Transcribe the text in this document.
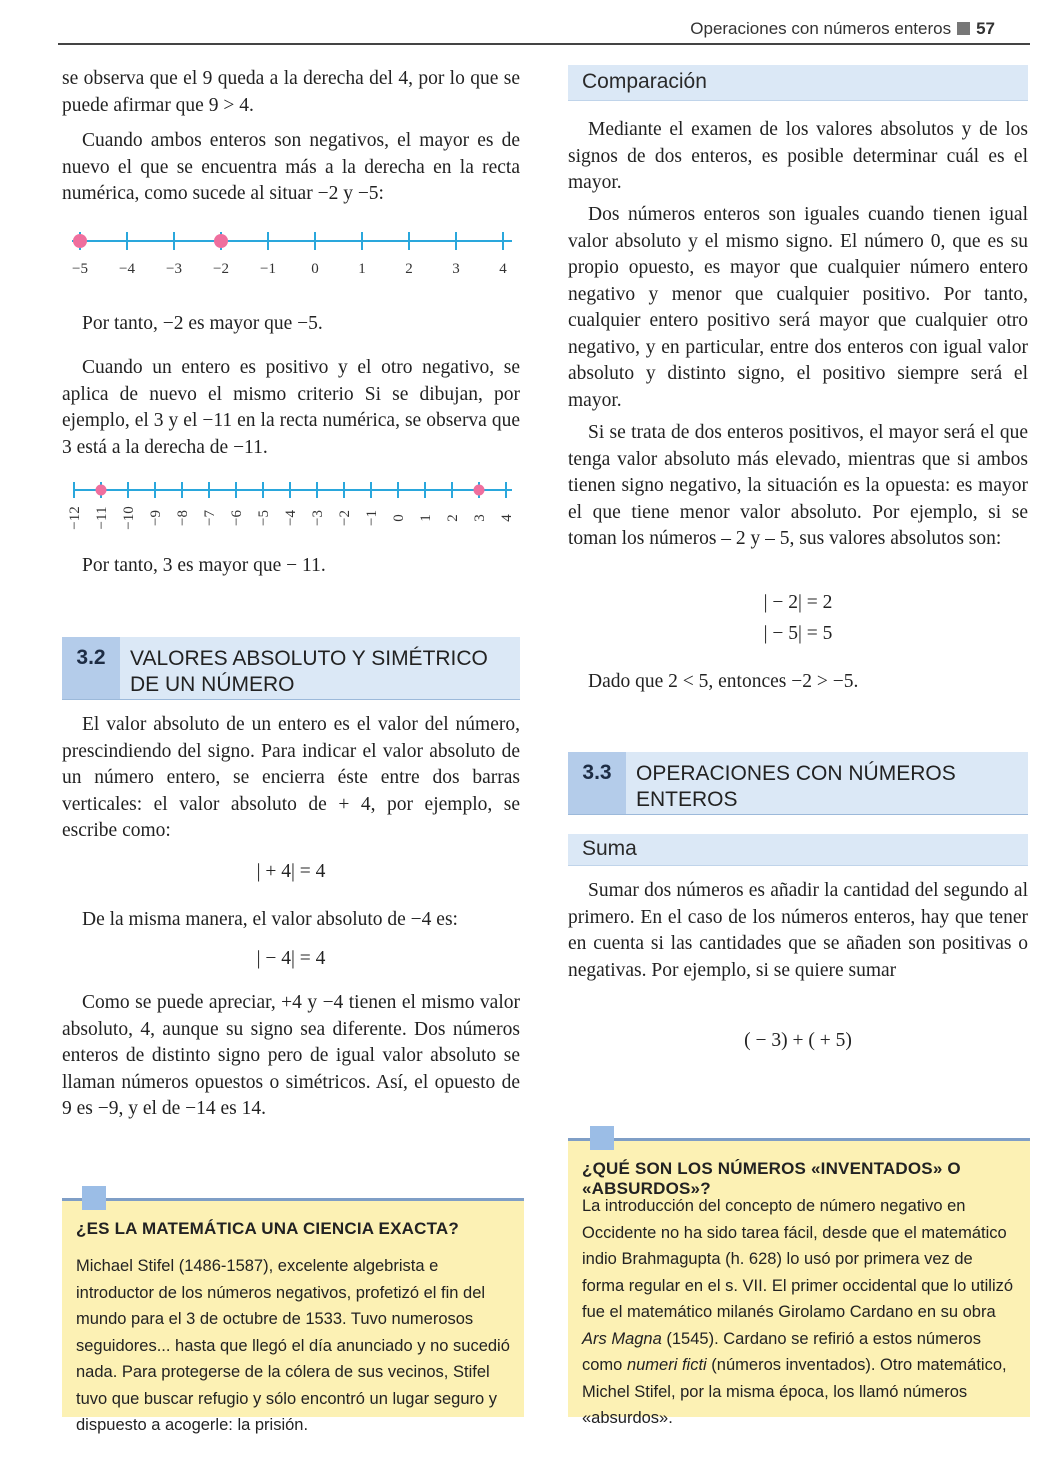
Operaciones con números enteros 57

se observa que el 9 queda a la derecha del 4, por lo que se puede afirmar que 9 > 4.

Cuando ambos enteros son negativos, el mayor es de nuevo el que se encuentra más a la derecha en la recta numérica, como sucede al situar −2 y −5:

−5 −4 −3 −2 −1 0	1	2	3	4

Por tanto, −2 es mayor que −5.

Cuando un entero es positivo y el otro negativo, se aplica de nuevo el mismo criterio Si se dibujan, por ejemplo, el 3 y el −11 en la recta numérica, se observa que 3 está a la derecha de −11.

−12 −11 −10 −9 −8 −7 −6 −5 −4 −3 −2 −1 0 1 2 3 4

Por tanto, 3 es mayor que − 11.

3.2	VALORES ABSOLUTO Y SIMÉTRICO
DE UN NÚMERO

El valor absoluto de un entero es el valor del número, prescindiendo del signo. Para indicar el valor absoluto de un número entero, se encierra éste entre dos barras verticales: el valor absoluto de + 4, por ejemplo, se escribe como:

| + 4| = 4

De la misma manera, el valor absoluto de −4 es:

| − 4| = 4

Como se puede apreciar, +4 y −4 tienen el mismo valor absoluto, 4, aunque su signo sea diferente. Dos números enteros de distinto signo pero de igual valor absoluto se llaman números opuestos o simétricos. Así, el opuesto de 9 es −9, y el de −14 es 14.

¿ES LA MATEMÁTICA UNA CIENCIA EXACTA?
Michael Stifel (1486-1587), excelente algebrista e introductor de los números negativos, profetizó el fin del mundo para el 3 de octubre de 1533. Tuvo numerosos seguidores... hasta que llegó el día anunciado y no sucedió nada. Para protegerse de la cólera de sus vecinos, Stifel tuvo que buscar refugio y sólo encontró un lugar seguro y dispuesto a acogerle: la prisión.
Comparación

Mediante el examen de los valores absolutos y de los signos de dos enteros, es posible determinar cuál es el mayor.

Dos números enteros son iguales cuando tienen igual valor absoluto y el mismo signo. El número 0, que es su propio opuesto, es mayor que cualquier número entero negativo y menor que cualquier positivo. Por tanto, cualquier entero positivo será mayor que cualquier otro negativo, y en particular, entre dos enteros con igual valor absoluto y distinto signo, el positivo siempre será el mayor.

Si se trata de dos enteros positivos, el mayor será el que tenga valor absoluto más elevado, mientras que si ambos tienen signo negativo, la situación es la opuesta: es mayor el que tiene menor valor absoluto. Por ejemplo, si se toman los números – 2 y – 5, sus valores absolutos son:

| − 2| = 2
| − 5| = 5

Dado que 2 < 5, entonces −2 > −5.

3.3	OPERACIONES CON NÚMEROS
ENTEROS
Suma

Sumar dos números es añadir la cantidad del segundo al primero. En el caso de los números enteros, hay que tener en cuenta si las cantidades que se añaden son positivas o negativas. Por ejemplo, si se quiere sumar

( − 3) + ( + 5)
¿QUÉ SON LOS NÚMEROS «INVENTADOS» O «ABSURDOS»?
La introducción del concepto de número negativo en Occidente no ha sido tarea fácil, desde que el matemático indio Brahmagupta (h. 628) lo usó por primera vez de forma regular en el s. VII. El primer occidental que lo utilizó fue el matemático milanés Girolamo Cardano en su obra Ars Magna (1545). Cardano se refirió a estos números como numeri ficti (números inventados). Otro matemático, Michel Stifel, por la misma época, los llamó números «absurdos».
